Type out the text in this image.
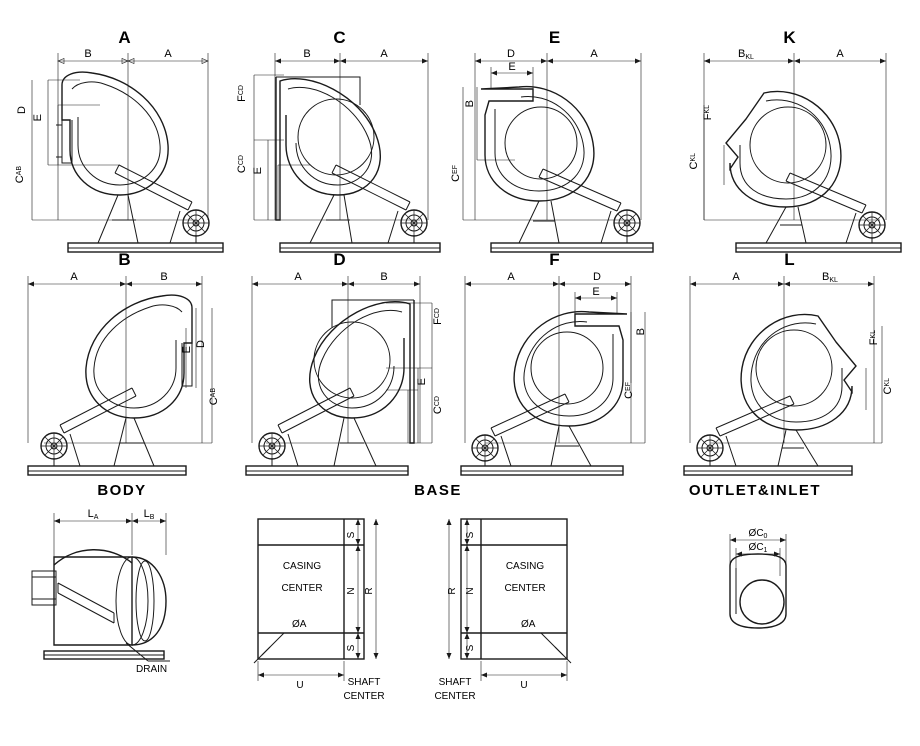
A
B	A
D
E
CAB
C
B	A
FCD
CCD
E
E
D	A
E
B
CEF
K
BKL	A
FKL
CKL
B
A	B
D
E
CAB
D
A	B
FCD
E
CCD
F
A	D
E
B
CEF
L
A	BKL
FKL
CKL
BODY
LA	LB
DRAIN
BASE
CASING
CENTER
S
N R
S
U
ØA
SHAFT
CENTER
CASING
CENTER
S
N
R
S
U
ØA
SHAFT
CENTER
OUTLET&INLET
$ØC_0$
$ØC_1$
